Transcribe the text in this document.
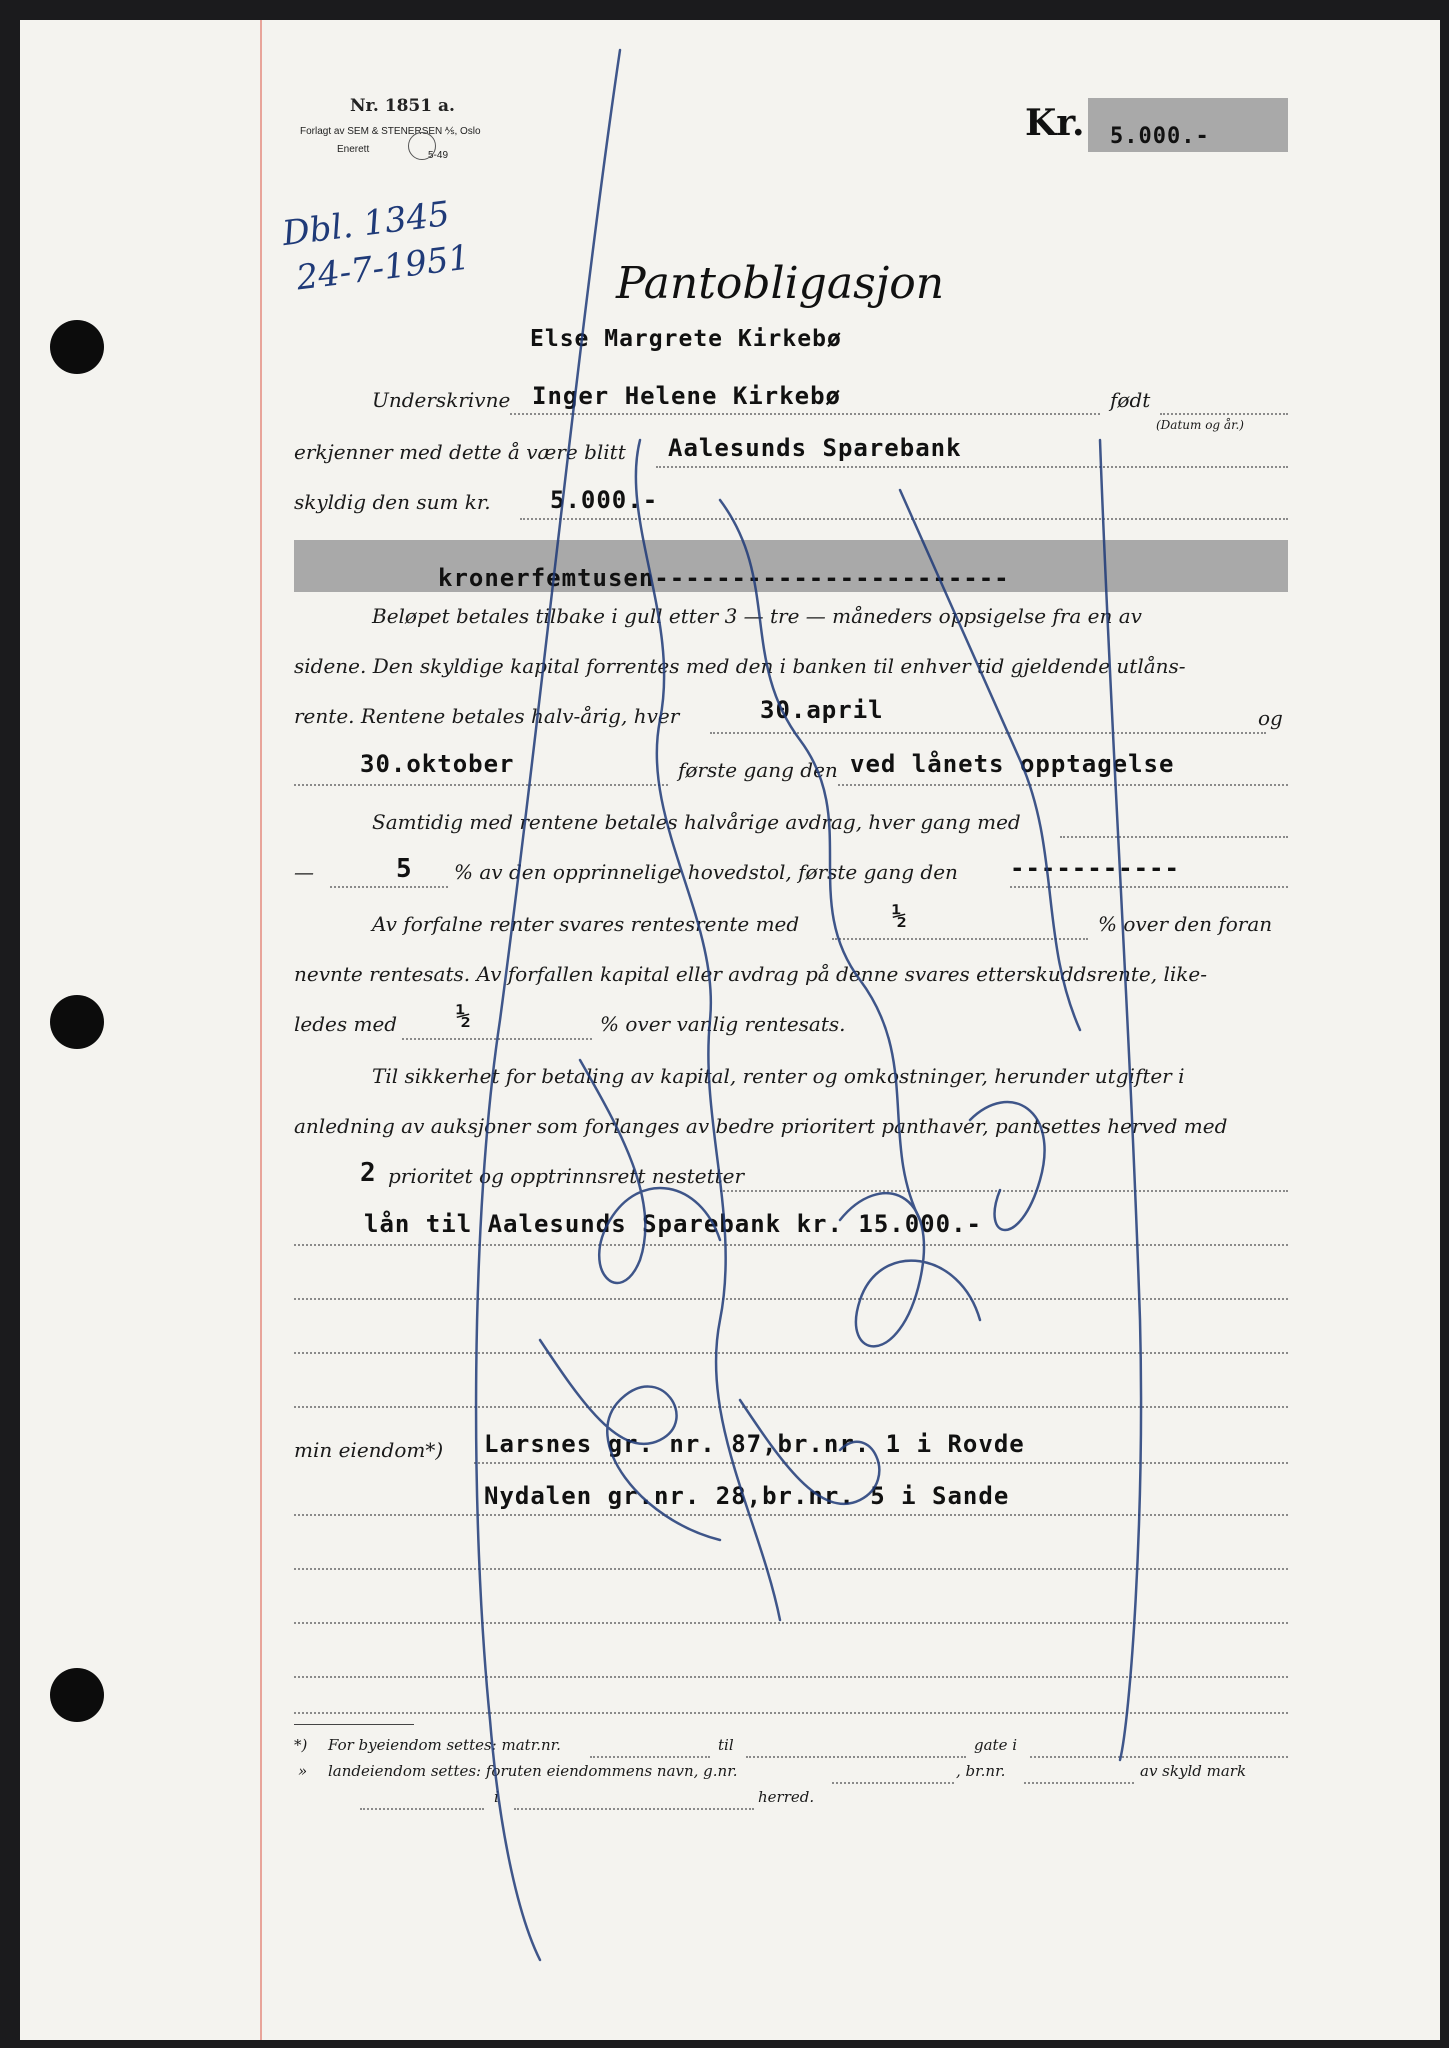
Nr. 1851 a.
Forlagt av SEM & STENERSEN ⅍, Oslo
Enerett
5-49
Kr. 5.000.-
Dbl. 1345
24-7-1951	Pantobligasjon
Else Margrete Kirkebø
Underskrivne Inger Helene Kirkebø	født
(Datum og år.)
erkjenner med dette å være blitt Aalesunds Sparebank
skyldig den sum kr. 5.000.-
kronerfemtusen-----------------------
Beløpet betales tilbake i gull etter 3 — tre — måneders oppsigelse fra en av
sidene. Den skyldige kapital forrentes med den i banken til enhver tid gjeldende utlåns-
rente. Rentene betales halv-årig, hver	30.april	og
30.oktober	første gang den ved lånets opptagelse
Samtidig med rentene betales halvårige avdrag, hver gang med
—	5 % av den opprinnelige hovedstol, første gang den -----------
Av forfalne renter svares rentesrente med	½	% over den foran
nevnte rentesats. Av forfallen kapital eller avdrag på denne svares etterskuddsrente, like-
ledes med ½	% over vanlig rentesats.
Til sikkerhet for betaling av kapital, renter og omkostninger, herunder utgifter i
anledning av auksjoner som forlanges av bedre prioritert panthaver, pantsettes herved med
2 prioritet og opptrinnsrett nestetter
lån til Aalesunds Sparebank kr. 15.000.-
min eiendom*) Larsnes gr. nr. 87,br.nr. 1 i Rovde
Nydalen gr.nr. 28,br.nr. 5 i Sande
*) For byeiendom settes: matr.nr.	til	gate i
» landeiendom settes: foruten eiendommens navn, g.nr.	, br.nr.	av skyld mark
i	herred.
